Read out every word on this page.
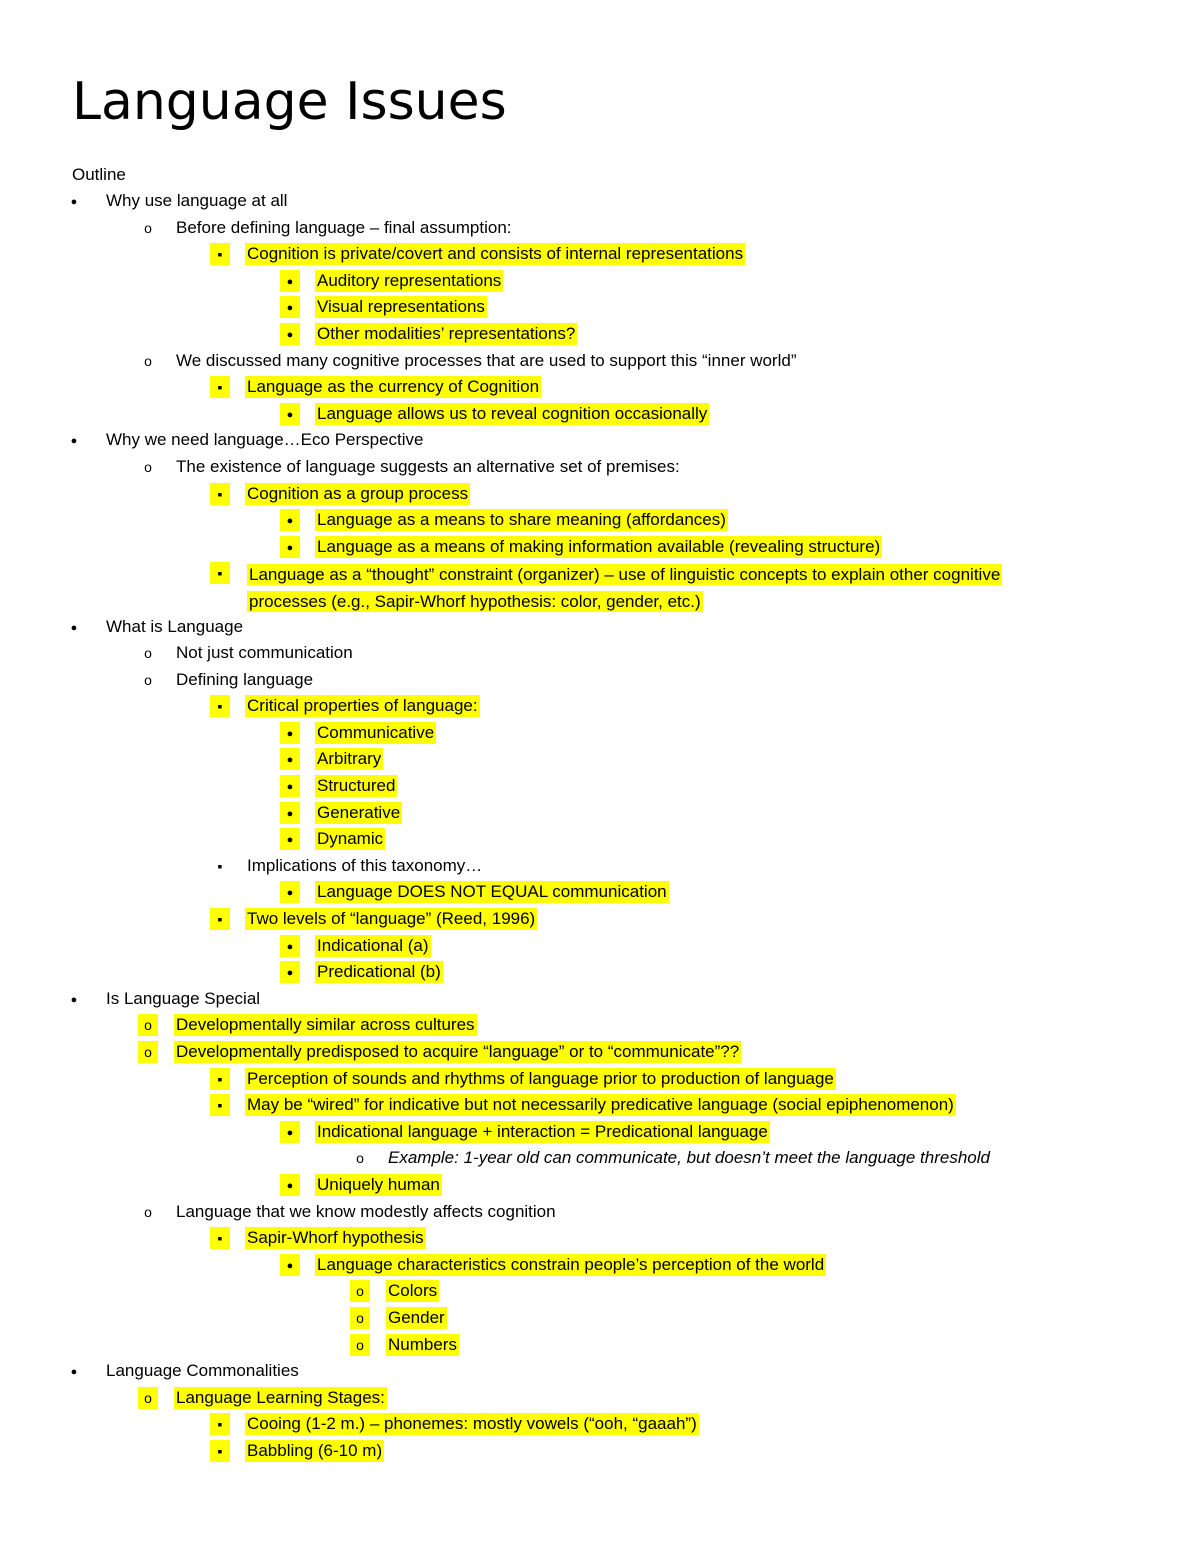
Language Issues
Outline
●
Why use language at all
o
Before defining language – final assumption:
▪
Cognition is private/covert and consists of internal representations
●
Auditory representations
●
Visual representations
●
Other modalities’ representations?
o
We discussed many cognitive processes that are used to support this “inner world”
▪
Language as the currency of Cognition
●
Language allows us to reveal cognition occasionally
●
Why we need language…Eco Perspective
o
The existence of language suggests an alternative set of premises:
▪
Cognition as a group process
●
Language as a means to share meaning (affordances)
●
Language as a means of making information available (revealing structure)
▪
Language as a “thought” constraint (organizer) – use of linguistic concepts to explain other cognitive
processes (e.g., Sapir-Whorf hypothesis: color, gender, etc.)
●
What is Language
o
Not just communication
o
Defining language
▪
Critical properties of language:
●
Communicative
●
Arbitrary
●
Structured
●
Generative
●
Dynamic
▪
Implications of this taxonomy…
●
Language DOES NOT EQUAL communication
▪
Two levels of “language” (Reed, 1996)
●
Indicational (a)
●
Predicational (b)
●
Is Language Special
o
Developmentally similar across cultures
o
Developmentally predisposed to acquire “language” or to “communicate”??
▪
Perception of sounds and rhythms of language prior to production of language
▪
May be “wired” for indicative but not necessarily predicative language (social epiphenomenon)
●
Indicational language + interaction = Predicational language
o
Example: 1-year old can communicate, but doesn’t meet the language threshold
●
Uniquely human
o
Language that we know modestly affects cognition
▪
Sapir-Whorf hypothesis
●
Language characteristics constrain people’s perception of the world
o
Colors
o
Gender
o
Numbers
●
Language Commonalities
o
Language Learning Stages:
▪
Cooing (1-2 m.) – phonemes: mostly vowels (“ooh, “gaaah”)
▪
Babbling (6-10 m)
